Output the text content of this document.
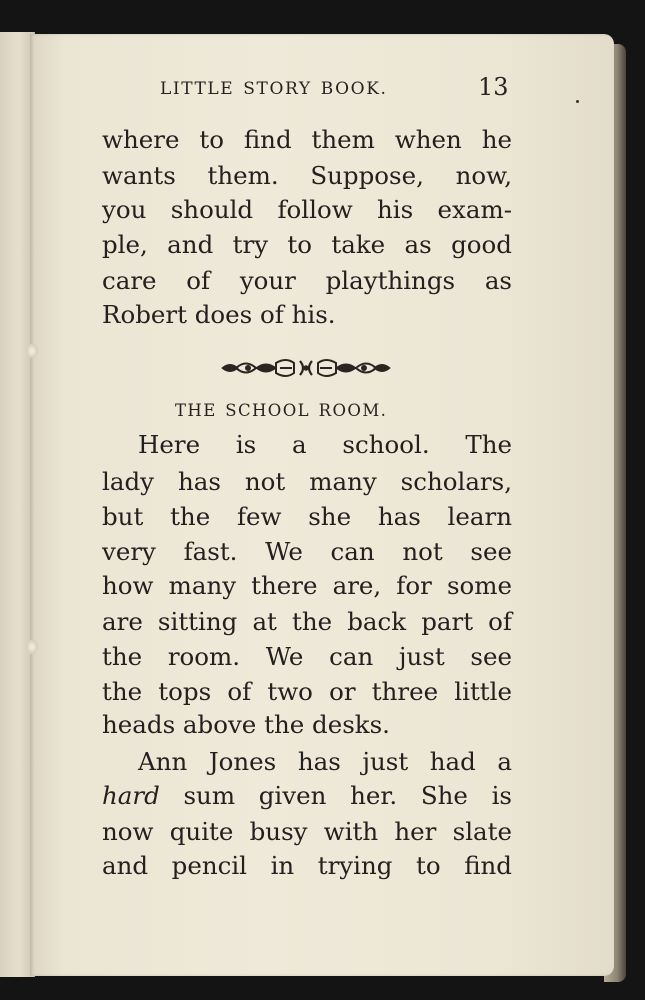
LITTLE STORY BOOK.	13
where to find them when he
wants them. Suppose, now,
you should follow his exam-
ple, and try to take as good
care of your playthings as
Robert does of his.
THE SCHOOL ROOM.
Here is a school. The
lady has not many scholars,
but the few she has learn
very fast. We can not see
how many there are, for some
are sitting at the back part of
the room. We can just see
the tops of two or three little
heads above the desks.
Ann Jones has just had a
hard sum given her. She is
now quite busy with her slate
and pencil in trying to find
